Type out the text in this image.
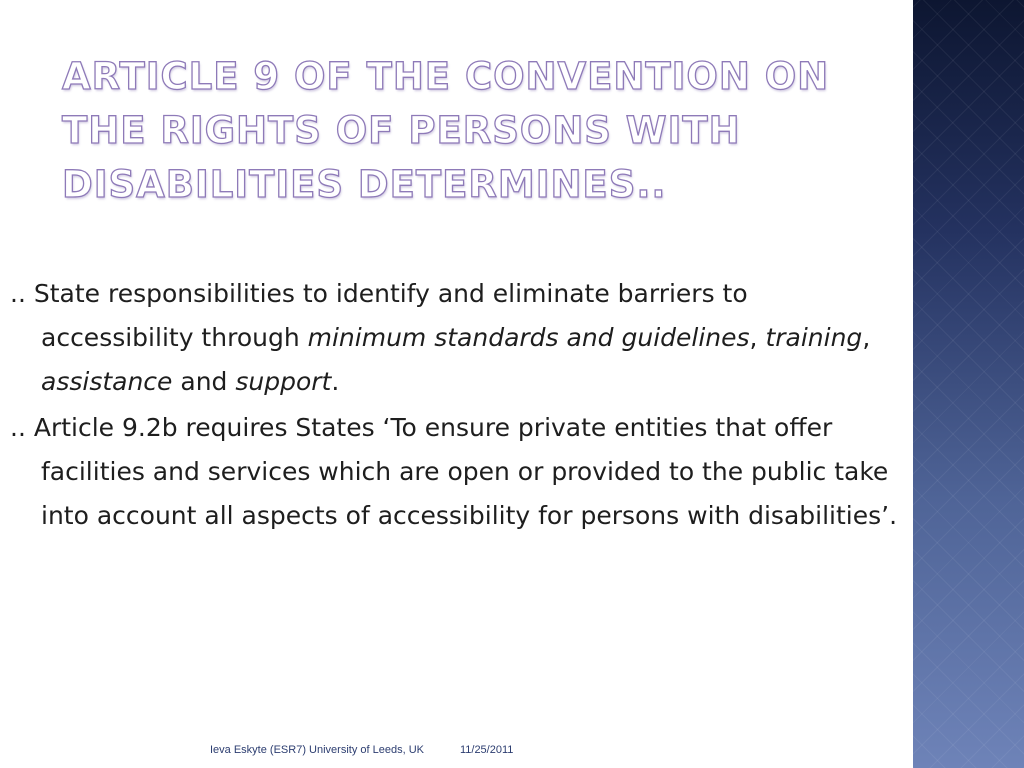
ARTICLE 9 OF THE CONVENTION ON THE RIGHTS OF PERSONS WITH DISABILITIES DETERMINES..

.. State responsibilities to identify and eliminate barriers to accessibility through minimum standards and guidelines, training, assistance and support.

.. Article 9.2b requires States ‘To ensure private entities that offer facilities and services which are open or provided to the public take into account all aspects of accessibility for persons with disabilities’.

Ieva Eskyte (ESR7) University of Leeds, UK	11/25/2011
